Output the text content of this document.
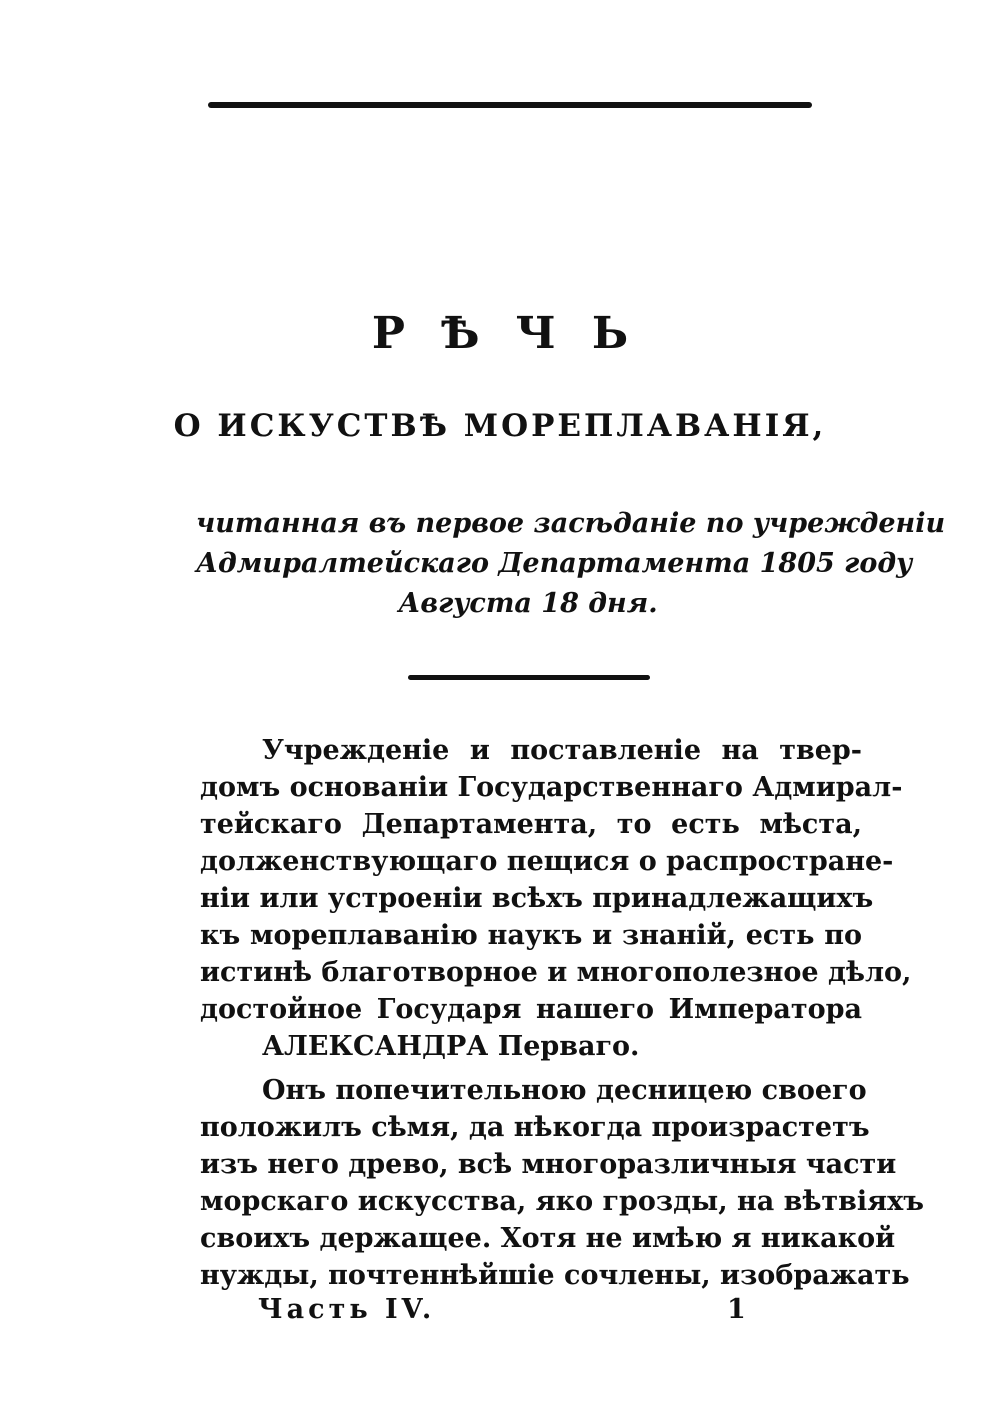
РѢЧЬ
О ИСКУСТВѢ МОРЕПЛАВАНІЯ,
читанная въ первое засѣданіе по учрежденіи
Адмиралтейскаго Департамента 1805 году
Августа 18 дня.
Учрежденіе и поставленіе на твер-
домъ основаніи Государственнаго Адмирал-
тейскаго Департамента, то есть мѣста,
долженствующаго пещися о распростране-
ніи или устроеніи всѣхъ принадлежащихъ
къ мореплаванію наукъ и знаній, есть по
истинѣ благотворное и многополезное дѣло,
достойное Государя нашего Императора
АЛЕКСАНДРА Перваго.
Онъ попечительною десницею своего
положилъ сѣмя, да нѣкогда произрастетъ
изъ него древо, всѣ многоразличныя части
морскаго искусства, яко грозды, на вѣтвіяхъ
своихъ держащее. Хотя не имѣю я никакой
нужды, почтеннѣйшіе сочлены, изображать
Часть IV.	1
